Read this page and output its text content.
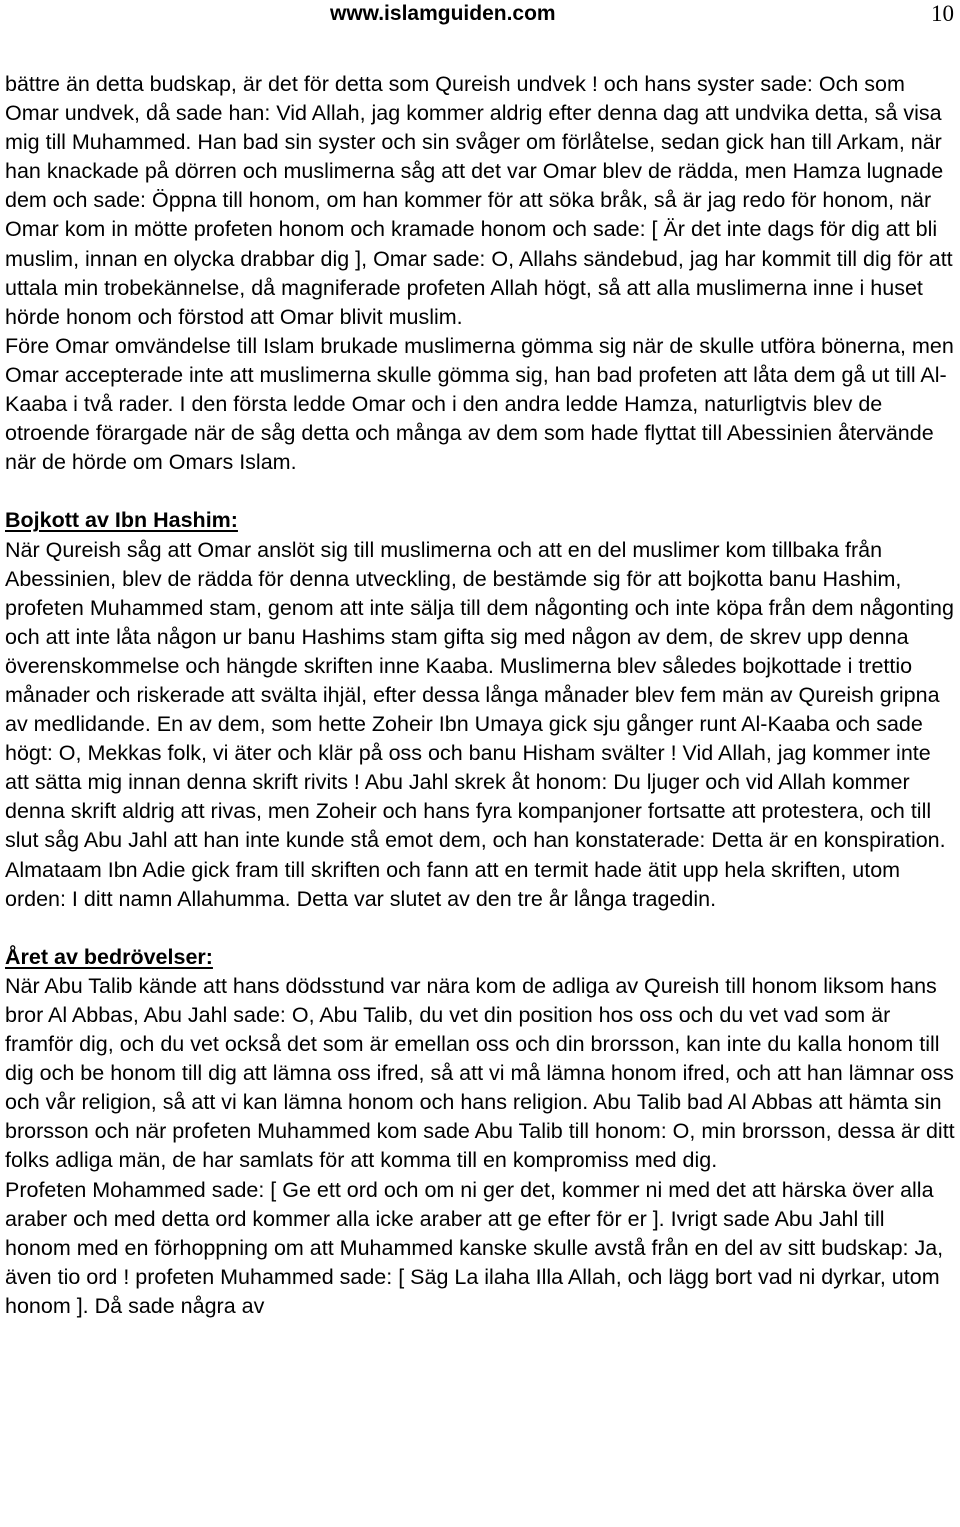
www.islamguiden.com	10

bättre än detta budskap, är det för detta som Qureish undvek ! och hans syster sade: Och som Omar undvek, då sade han: Vid Allah, jag kommer aldrig efter denna dag att undvika detta, så visa mig till Muhammed. Han bad sin syster och sin svåger om förlåtelse, sedan gick han till Arkam, när han knackade på dörren och muslimerna såg att det var Omar blev de rädda, men Hamza lugnade dem och sade: Öppna till honom, om han kommer för att söka bråk, så är jag redo för honom, när Omar kom in mötte profeten honom och kramade honom och sade: [ Är det inte dags för dig att bli muslim, innan en olycka drabbar dig ], Omar sade: O, Allahs sändebud, jag har kommit till dig för att uttala min trobekännelse, då magniferade profeten Allah högt, så att alla muslimerna inne i huset hörde honom och förstod att Omar blivit muslim.

Före Omar omvändelse till Islam brukade muslimerna gömma sig när de skulle utföra bönerna, men Omar accepterade inte att muslimerna skulle gömma sig, han bad profeten att låta dem gå ut till Al-Kaaba i två rader. I den första ledde Omar och i den andra ledde Hamza, naturligtvis blev de otroende förargade när de såg detta och många av dem som hade flyttat till Abessinien återvände när de hörde om Omars Islam.

Bojkott av Ibn Hashim:

När Qureish såg att Omar anslöt sig till muslimerna och att en del muslimer kom tillbaka från Abessinien, blev de rädda för denna utveckling, de bestämde sig för att bojkotta banu Hashim, profeten Muhammed stam, genom att inte sälja till dem någonting och inte köpa från dem någonting och att inte låta någon ur banu Hashims stam gifta sig med någon av dem, de skrev upp denna överenskommelse och hängde skriften inne Kaaba. Muslimerna blev således bojkottade i trettio månader och riskerade att svälta ihjäl, efter dessa långa månader blev fem män av Qureish gripna av medlidande. En av dem, som hette Zoheir Ibn Umaya gick sju gånger runt Al-Kaaba och sade högt: O, Mekkas folk, vi äter och klär på oss och banu Hisham svälter ! Vid Allah, jag kommer inte att sätta mig innan denna skrift rivits ! Abu Jahl skrek åt honom: Du ljuger och vid Allah kommer denna skrift aldrig att rivas, men Zoheir och hans fyra kompanjoner fortsatte att protestera, och till slut såg Abu Jahl att han inte kunde stå emot dem, och han konstaterade: Detta är en konspiration. Almataam Ibn Adie gick fram till skriften och fann att en termit hade ätit upp hela skriften, utom orden: I ditt namn Allahumma. Detta var slutet av den tre år långa tragedin.

Året av bedrövelser:

När Abu Talib kände att hans dödsstund var nära kom de adliga av Qureish till honom liksom hans bror Al Abbas, Abu Jahl sade: O, Abu Talib, du vet din position hos oss och du vet vad som är framför dig, och du vet också det som är emellan oss och din brorsson, kan inte du kalla honom till dig och be honom till dig att lämna oss ifred, så att vi må lämna honom ifred, och att han lämnar oss och vår religion, så att vi kan lämna honom och hans religion. Abu Talib bad Al Abbas att hämta sin brorsson och när profeten Muhammed kom sade Abu Talib till honom: O, min brorsson, dessa är ditt folks adliga män, de har samlats för att komma till en kompromiss med dig.

Profeten Mohammed sade: [ Ge ett ord och om ni ger det, kommer ni med det att härska över alla araber och med detta ord kommer alla icke araber att ge efter för er ]. Ivrigt sade Abu Jahl till honom med en förhoppning om att Muhammed kanske skulle avstå från en del av sitt budskap: Ja, även tio ord ! profeten Muhammed sade: [ Säg La ilaha Illa Allah, och lägg bort vad ni dyrkar, utom honom ]. Då sade några av
